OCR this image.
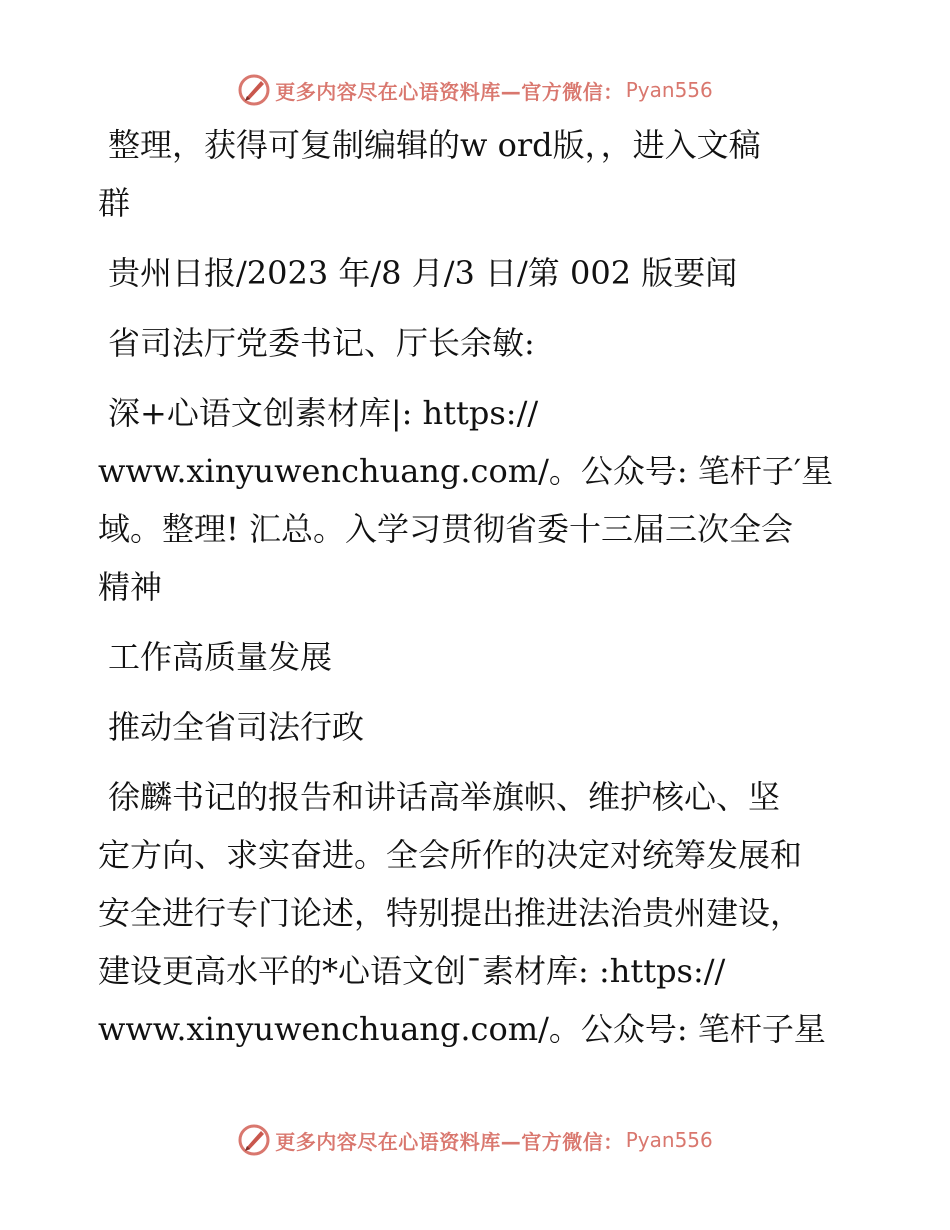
更多内容尽在心语资料库—官方微信： Pyan556
整理，获得可复制编辑的w ord版，，进入文稿
群
贵州日报/2023 年/8 月/3 日/第 002 版要闻
省司法厅党委书记、厅长余敏:
深+心语文创素材库|: https://
www.xinyuwenchuang.com/。公众号: 笔杆子′星
域。整理! 汇总。入学习贯彻省委十三届三次全会
精神
工作高质量发展
推动全省司法行政
徐麟书记的报告和讲话高举旗帜、维护核心、坚
定方向、求实奋进。全会所作的决定对统筹发展和
安全进行专门论述，特别提出推进法治贵州建设，
建设更高水平的*心语文创¯素材库: :https://
www.xinyuwenchuang.com/。公众号: 笔杆子星
更多内容尽在心语资料库—官方微信： Pyan556
